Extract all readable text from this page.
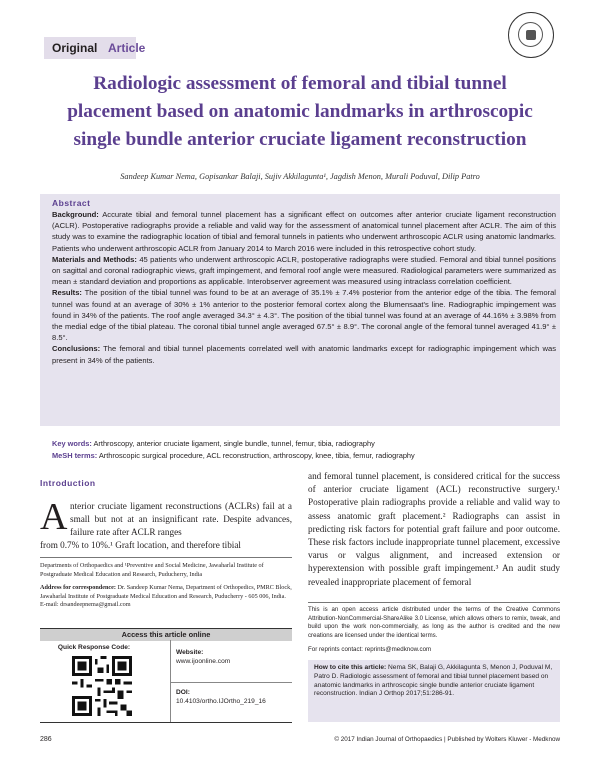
Original Article
Radiologic assessment of femoral and tibial tunnel
placement based on anatomic landmarks in arthroscopic
single bundle anterior cruciate ligament reconstruction
Sandeep Kumar Nema, Gopisankar Balaji, Sujiv Akkilagunta¹, Jagdish Menon, Murali Poduval, Dilip Patro
Abstract

Background: Accurate tibial and femoral tunnel placement has a significant effect on outcomes after anterior cruciate ligament reconstruction (ACLR). Postoperative radiographs provide a reliable and valid way for the assessment of anatomical tunnel placement after ACLR. The aim of this study was to examine the radiographic location of tibial and femoral tunnels in patients who underwent arthroscopic ACLR using anatomic landmarks. Patients who underwent arthroscopic ACLR from January 2014 to March 2016 were included in this retrospective cohort study.

Materials and Methods: 45 patients who underwent arthroscopic ACLR, postoperative radiographs were studied. Femoral and tibial tunnel positions on sagittal and coronal radiographic views, graft impingement, and femoral roof angle were measured. Radiological parameters were summarized as mean ± standard deviation and proportions as applicable. Interobserver agreement was measured using intraclass correlation coefficient.

Results: The position of the tibial tunnel was found to be at an average of 35.1% ± 7.4% posterior from the anterior edge of the tibia. The femoral tunnel was found at an average of 30% ± 1% anterior to the posterior femoral cortex along the Blumensaat's line. Radiographic impingement was found in 34% of the patients. The roof angle averaged 34.3° ± 4.3°. The position of the tibial tunnel was found at an average of 44.16% ± 3.98% from the medial edge of the tibial plateau. The coronal tibial tunnel angle averaged 67.5° ± 8.9°. The coronal angle of the femoral tunnel averaged 41.9° ± 8.5°.

Conclusions: The femoral and tibial tunnel placements correlated well with anatomic landmarks except for radiographic impingement which was present in 34% of the patients.

Key words: Arthroscopy, anterior cruciate ligament, single bundle, tunnel, femur, tibia, radiography
MeSH terms: Arthroscopic surgical procedure, ACL reconstruction, arthroscopy, knee, tibia, femur, radiography
Introduction
A nterior cruciate ligament reconstructions (ACLRs) fail at a small but not at an insignificant rate. Despite advances, failure rate after ACLR ranges
from 0.7% to 10%.¹ Graft location, and therefore tibial
Departments of Orthopaedics and ¹Preventive and Social Medicine, Jawaharlal Institute of Postgraduate Medical Education and Research, Puducherry, India
Address for correspondence: Dr. Sandeep Kumar Nema, Department of Orthopedics, PMRC Block, Jawaharlal Institute of Postgraduate Medical Education and Research, Puducherry - 605 006, India.
E-mail: drsandeepnema@gmail.com
Access this article online
Quick Response Code:
Website:
www.ijoonline.com
DOI:
10.4103/ortho.IJOrtho_219_16
and femoral tunnel placement, is considered critical for the success of anterior cruciate ligament (ACL) reconstructive surgery.¹ Postoperative plain radiographs provide a reliable and valid way to assess anatomic graft placement.² Radiographs can assist in predicting risk factors for potential graft failure and poor outcome. These risk factors include inappropriate tunnel placement, excessive varus or valgus alignment, and increased extension or hyperextension with possible graft impingement.³ An audit study revealed inappropriate placement of femoral
This is an open access article distributed under the terms of the Creative Commons Attribution-NonCommercial-ShareAlike 3.0 License, which allows others to remix, tweak, and build upon the work non-commercially, as long as the author is credited and the new creations are licensed under the identical terms.
For reprints contact: reprints@medknow.com
How to cite this article: Nema SK, Balaji G, Akkilagunta S, Menon J, Poduval M, Patro D. Radiologic assessment of femoral and tibial tunnel placement based on anatomic landmarks in arthroscopic single bundle anterior cruciate ligament reconstruction. Indian J Orthop 2017;51:286-91.
286	© 2017 Indian Journal of Orthopaedics | Published by Wolters Kluwer - Medknow
